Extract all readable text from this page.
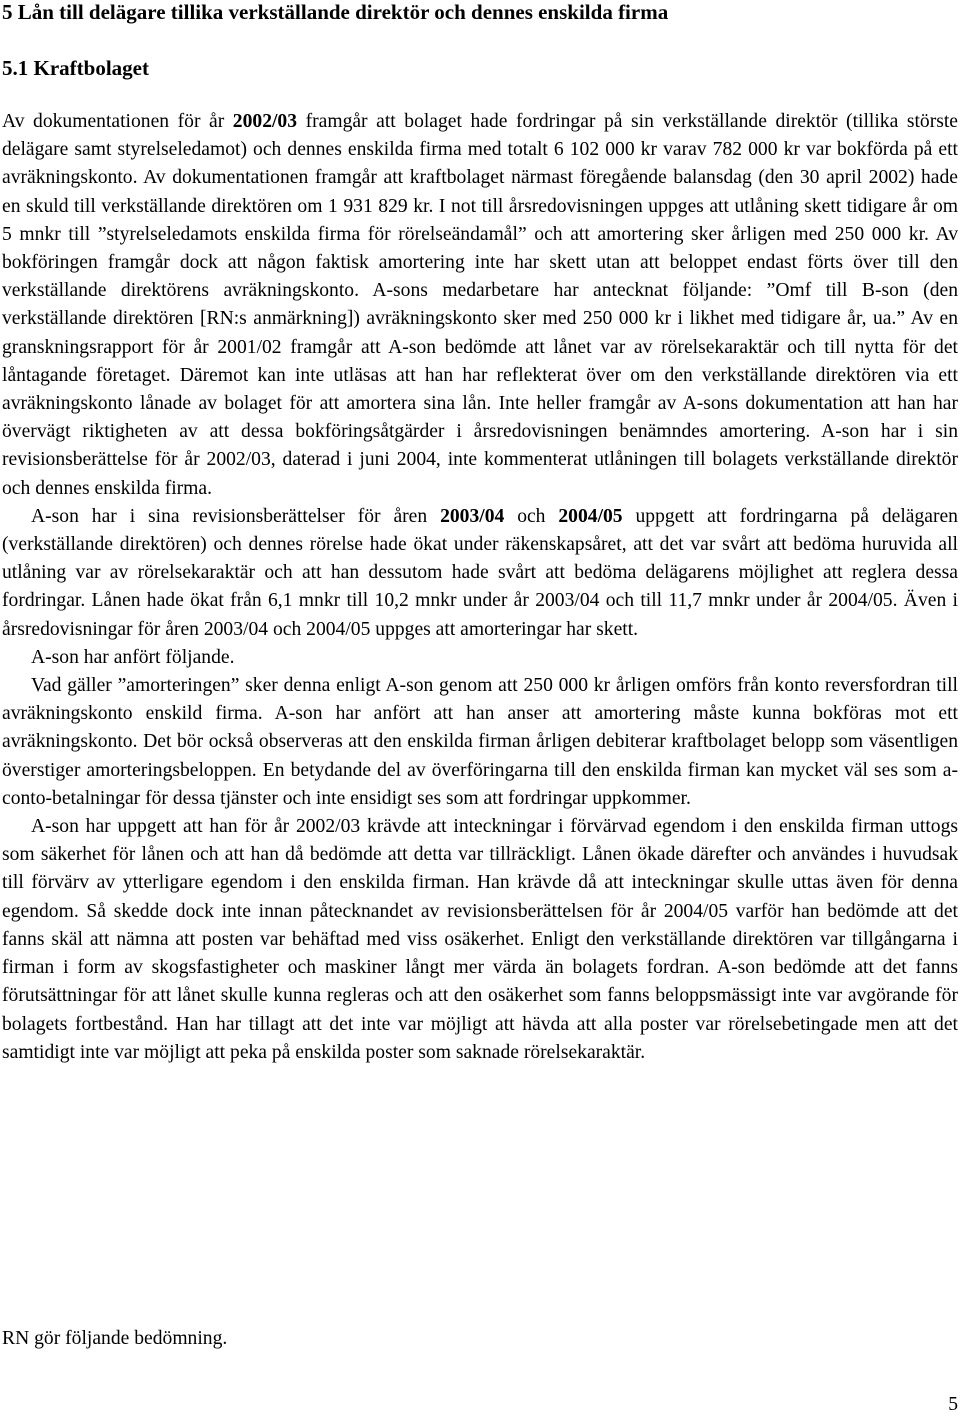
5 Lån till delägare tillika verkställande direktör och dennes enskilda firma
5.1 Kraftbolaget

Av dokumentationen för år 2002/03 framgår att bolaget hade fordringar på sin verkställande direktör (tillika störste delägare samt styrelseledamot) och dennes enskilda firma med totalt 6 102 000 kr varav 782 000 kr var bokförda på ett avräkningskonto. Av dokumentationen framgår att kraftbolaget närmast föregående balansdag (den 30 april 2002) hade en skuld till verkställande direktören om 1 931 829 kr. I not till årsredovisningen uppges att utlåning skett tidigare år om 5 mnkr till ”styrelseledamots enskilda firma för rörelseändamål” och att amortering sker årligen med 250 000 kr. Av bokföringen framgår dock att någon faktisk amortering inte har skett utan att beloppet endast förts över till den verkställande direktörens avräkningskonto. A-sons medarbetare har antecknat följande: ”Omf till B-son (den verkställande direktören [RN:s anmärkning]) avräkningskonto sker med 250 000 kr i likhet med tidigare år, ua.” Av en granskningsrapport för år 2001/02 framgår att A-son bedömde att lånet var av rörelsekaraktär och till nytta för det låntagande företaget. Däremot kan inte utläsas att han har reflekterat över om den verkställande direktören via ett avräkningskonto lånade av bolaget för att amortera sina lån. Inte heller framgår av A-sons dokumentation att han har övervägt riktigheten av att dessa bokföringsåtgärder i årsredovisningen benämndes amortering. A-son har i sin revisionsberättelse för år 2002/03, daterad i juni 2004, inte kommenterat utlåningen till bolagets verkställande direktör och dennes enskilda firma.

A-son har i sina revisionsberättelser för åren 2003/04 och 2004/05 uppgett att fordringarna på delägaren (verkställande direktören) och dennes rörelse hade ökat under räkenskapsåret, att det var svårt att bedöma huruvida all utlåning var av rörelsekaraktär och att han dessutom hade svårt att bedöma delägarens möjlighet att reglera dessa fordringar. Lånen hade ökat från 6,1 mnkr till 10,2 mnkr under år 2003/04 och till 11,7 mnkr under år 2004/05. Även i årsredovisningar för åren 2003/04 och 2004/05 uppges att amorteringar har skett.

A-son har anfört följande.

Vad gäller ”amorteringen” sker denna enligt A-son genom att 250 000 kr årligen omförs från konto reversfordran till avräkningskonto enskild firma. A-son har anfört att han anser att amortering måste kunna bokföras mot ett avräkningskonto. Det bör också observeras att den enskilda firman årligen debiterar kraftbolaget belopp som väsentligen överstiger amorteringsbeloppen. En betydande del av överföringarna till den enskilda firman kan mycket väl ses som a-conto-betalningar för dessa tjänster och inte ensidigt ses som att fordringar uppkommer.

A-son har uppgett att han för år 2002/03 krävde att inteckningar i förvärvad egendom i den enskilda firman uttogs som säkerhet för lånen och att han då bedömde att detta var tillräckligt. Lånen ökade därefter och användes i huvudsak till förvärv av ytterligare egendom i den enskilda firman. Han krävde då att inteckningar skulle uttas även för denna egendom. Så skedde dock inte innan påtecknandet av revisionsberättelsen för år 2004/05 varför han bedömde att det fanns skäl att nämna att posten var behäftad med viss osäkerhet. Enligt den verkställande direktören var tillgångarna i firman i form av skogsfastigheter och maskiner långt mer värda än bolagets fordran. A-son bedömde att det fanns förutsättningar för att lånet skulle kunna regleras och att den osäkerhet som fanns beloppsmässigt inte var avgörande för bolagets fortbestånd. Han har tillagt att det inte var möjligt att hävda att alla poster var rörelsebetingade men att det samtidigt inte var möjligt att peka på enskilda poster som saknade rörelsekaraktär.

RN gör följande bedömning.

5
